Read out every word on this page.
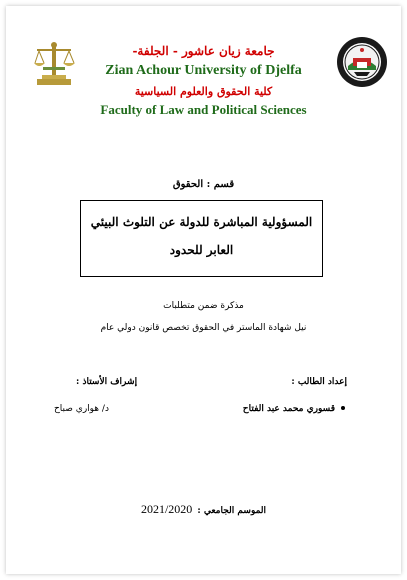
جامعة زيان عاشور - الجلفة-
Zian Achour University of Djelfa
كلية الحقوق والعلوم السياسية
Faculty of Law and Political Sciences
قسم : الحقوق
المسؤولية المباشرة للدولة عن التلوث البيئي
العابر للحدود
مذكرة ضمن متطلبات
نيل شهادة الماستر في الحقوق تخصص قانون دولي عام
إعداد الطالب :
إشراف الأستاذ :
قسوري محمد عبد الفتاح
د/ هواري صباح
الموسم الجامعي : 2021/2020
